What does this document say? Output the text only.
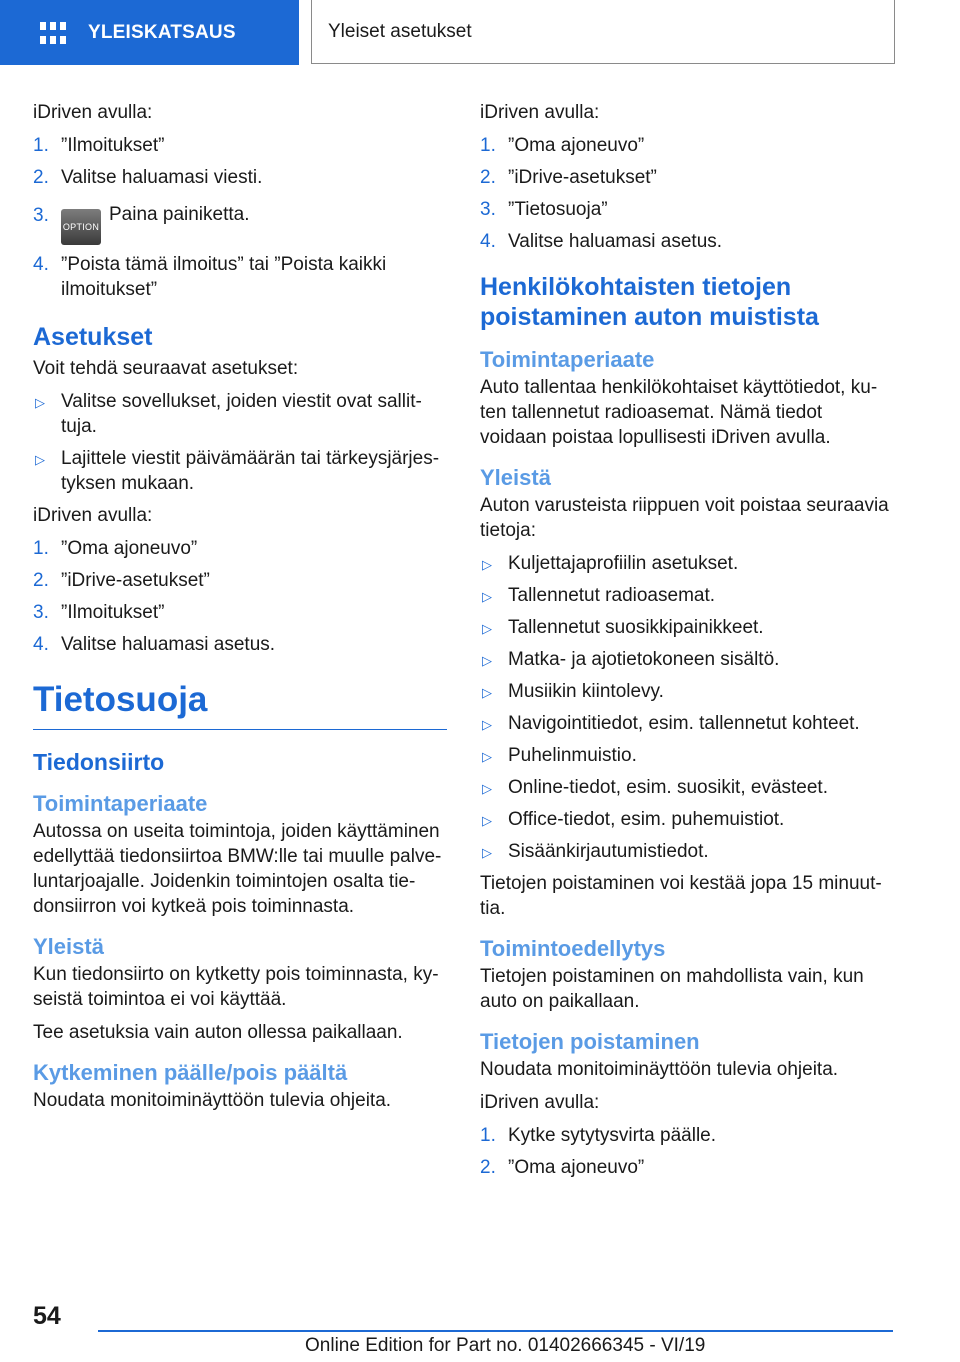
YLEISKATSAUS	Yleiset asetukset

iDriven avulla:

1. ”Ilmoitukset”
2. Valitse haluamasi viesti.
3.
OPTIONPaina painiketta.
4. ”Poista tämä ilmoitus” tai ”Poista kaikki ilmoitukset”
Asetukset

Voit tehdä seuraavat asetukset:

▷ Valitse sovellukset, joiden viestit ovat sallittuja.
▷ Lajittele viestit päivämäärän tai tärkeysjärjestyksen mukaan.

iDriven avulla:

1. ”Oma ajoneuvo”
2. ”iDrive-asetukset”
3. ”Ilmoitukset”
4. Valitse haluamasi asetus.
Tietosuoja
Tiedonsiirto
Toimintaperiaate

Autossa on useita toimintoja, joiden käyttäminen edellyttää tiedonsiirtoa BMW:lle tai muulle palveluntarjoajalle. Joidenkin toimintojen osalta tiedonsiirron voi kytkeä pois toiminnasta.

Yleistä

Kun tiedonsiirto on kytketty pois toiminnasta, kyseistä toimintoa ei voi käyttää.

Tee asetuksia vain auton ollessa paikallaan.

Kytkeminen päälle/pois päältä

Noudata monitoiminäyttöön tulevia ohjeita.

iDriven avulla:

1. ”Oma ajoneuvo”
2. ”iDrive-asetukset”
3. ”Tietosuoja”
4. Valitse haluamasi asetus.
Henkilökohtaisten tietojen poistaminen auton muistista
Toimintaperiaate

Auto tallentaa henkilökohtaiset käyttötiedot, kuten tallennetut radioasemat. Nämä tiedot voidaan poistaa lopullisesti iDriven avulla.

Yleistä

Auton varusteista riippuen voit poistaa seuraavia tietoja:

▷ Kuljettajaprofiilin asetukset.
▷ Tallennetut radioasemat.
▷ Tallennetut suosikkipainikkeet.
▷ Matka- ja ajotietokoneen sisältö.
▷ Musiikin kiintolevy.
▷ Navigointitiedot, esim. tallennetut kohteet.
▷ Puhelinmuistio.
▷ Online-tiedot, esim. suosikit, evästeet.
▷ Office-tiedot, esim. puhemuistiot.
▷ Sisäänkirjautumistiedot.

Tietojen poistaminen voi kestää jopa 15 minuuttia.

Toimintoedellytys

Tietojen poistaminen on mahdollista vain, kun auto on paikallaan.

Tietojen poistaminen

Noudata monitoiminäyttöön tulevia ohjeita.

iDriven avulla:

1. Kytke sytytysvirta päälle.
2. ”Oma ajoneuvo”
54
Online Edition for Part no. 01402666345 - VI/19
